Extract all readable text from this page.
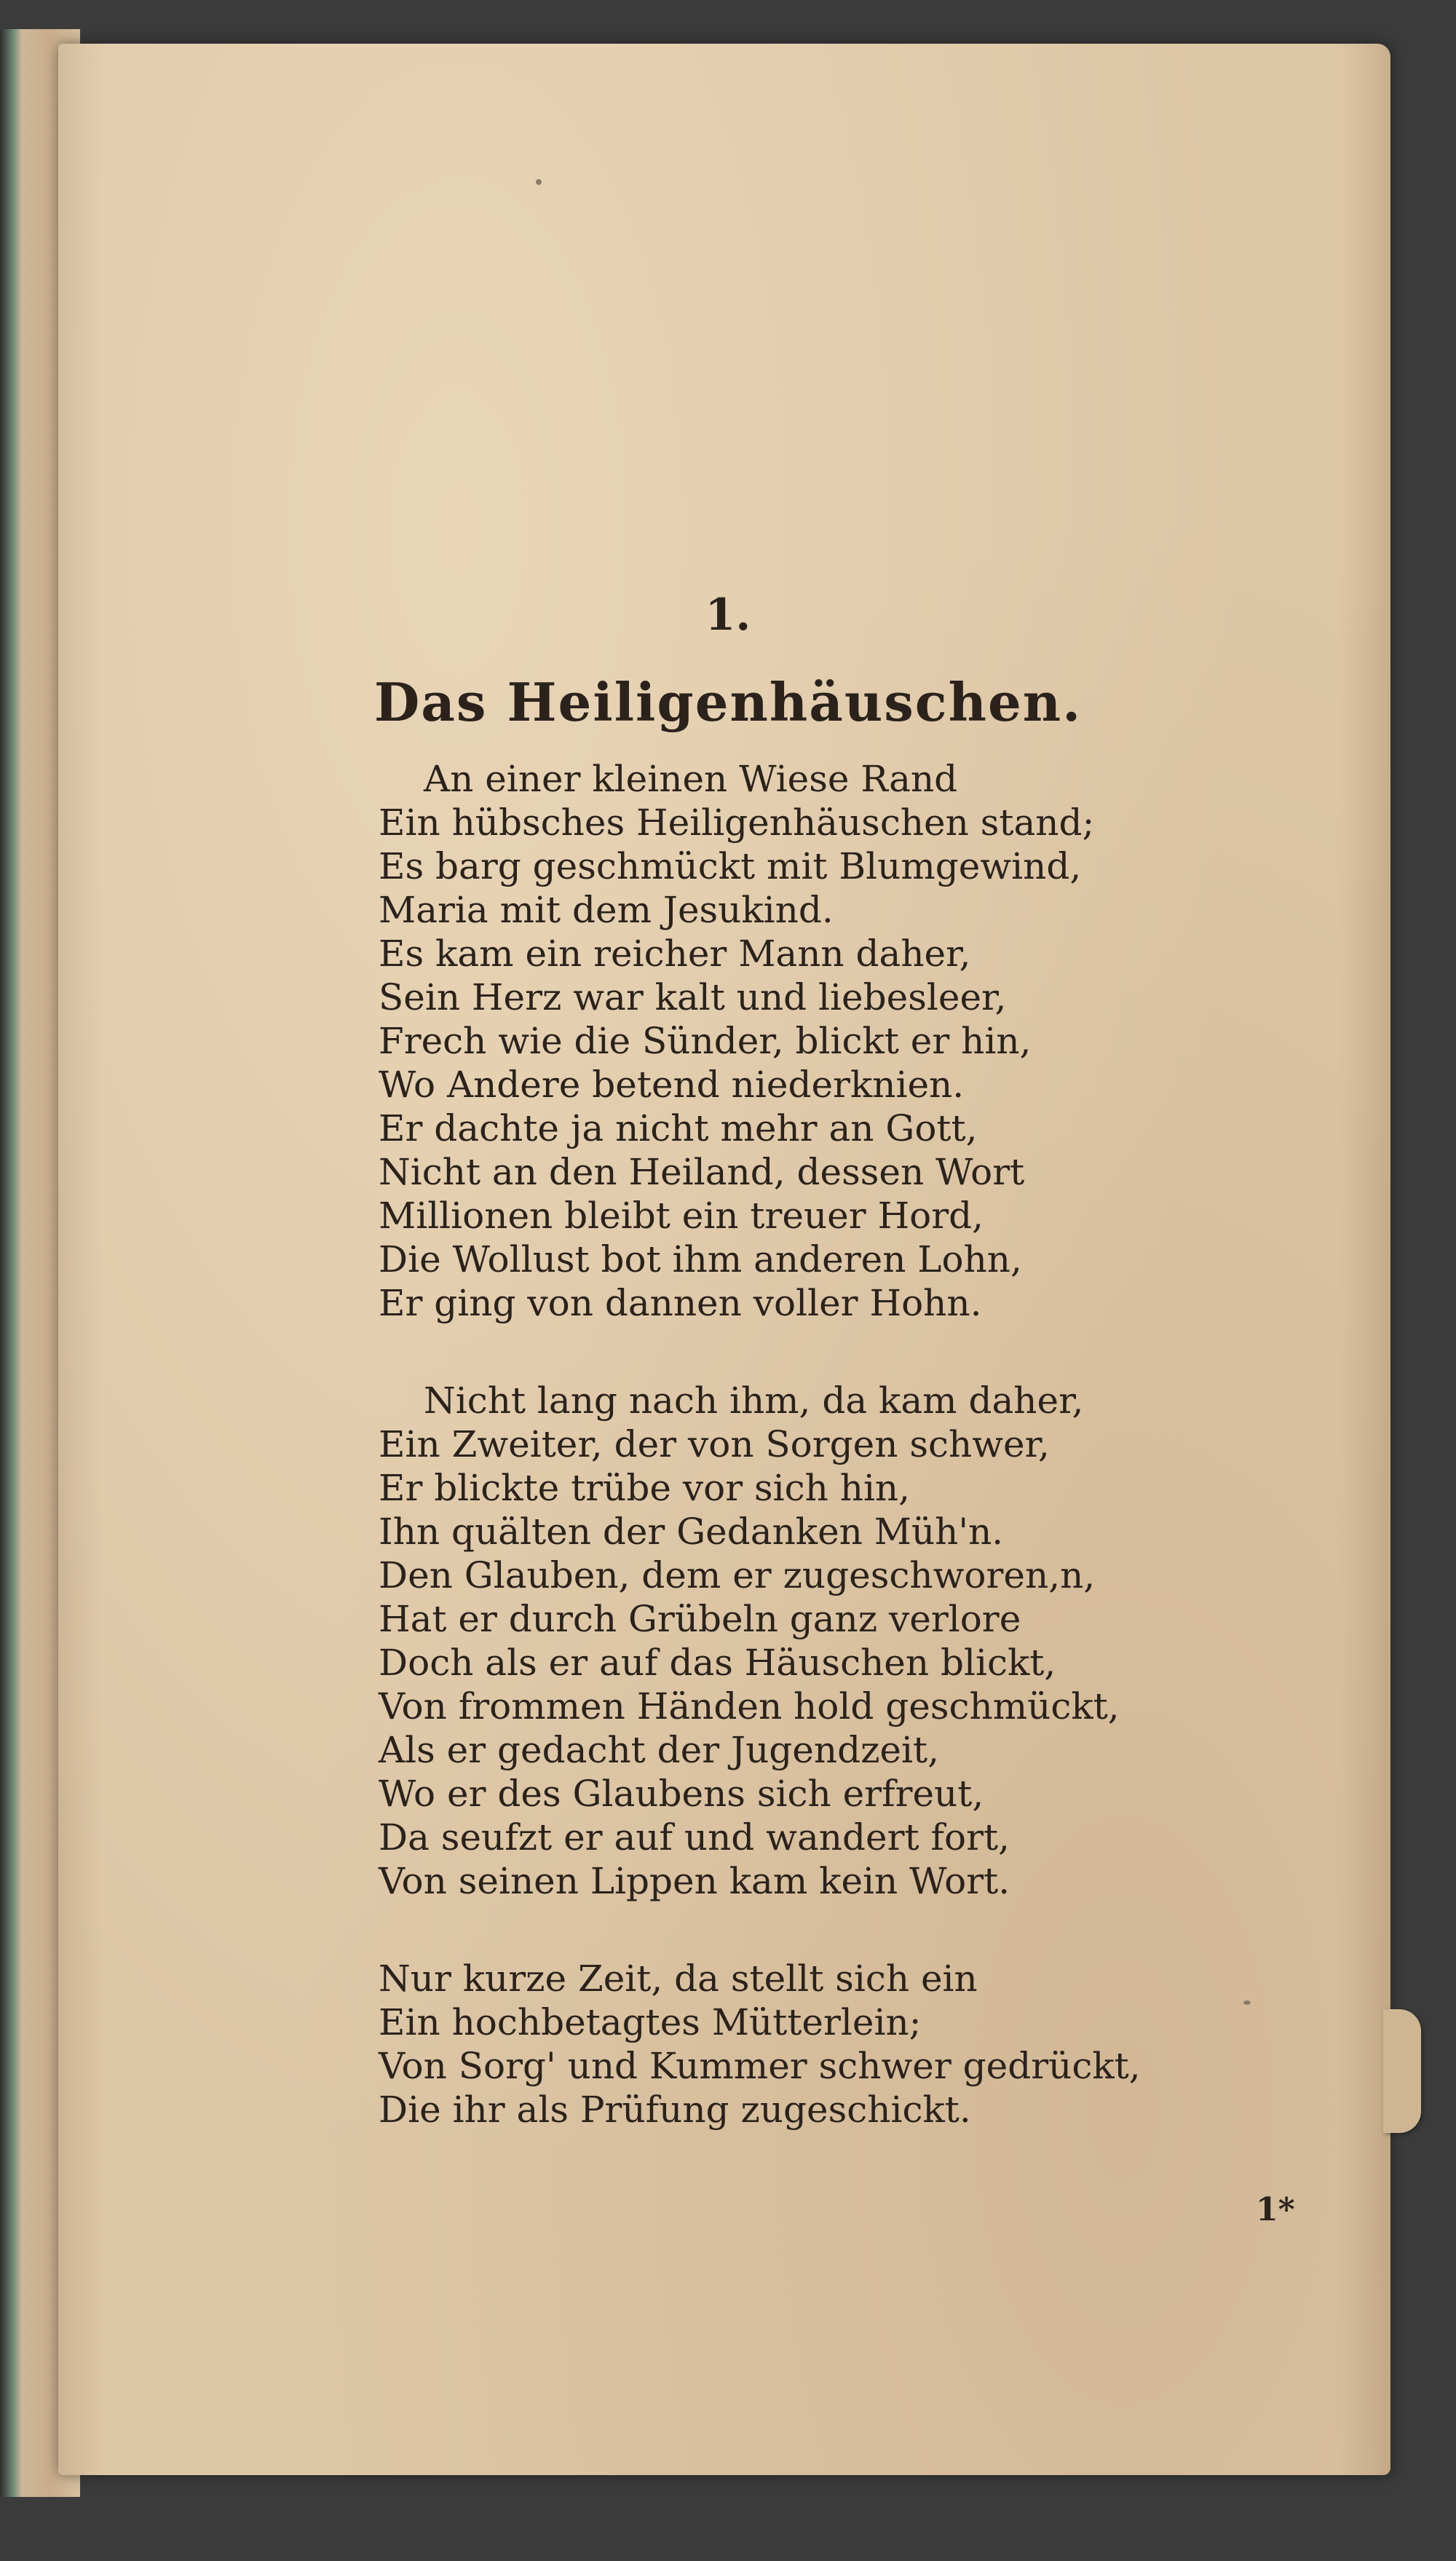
1.
Das Heiligenhäuschen.
An einer kleinen Wiese Rand
Ein hübsches Heiligenhäuschen stand;
Es barg geschmückt mit Blumgewind,
Maria mit dem Jesukind.
Es kam ein reicher Mann daher,
Sein Herz war kalt und liebesleer,
Frech wie die Sünder, blickt er hin,
Wo Andere betend niederknien.
Er dachte ja nicht mehr an Gott,
Nicht an den Heiland, dessen Wort
Millionen bleibt ein treuer Hord,
Die Wollust bot ihm anderen Lohn,
Er ging von dannen voller Hohn.
Nicht lang nach ihm, da kam daher,
Ein Zweiter, der von Sorgen schwer,
Er blickte trübe vor sich hin,
Ihn quälten der Gedanken Müh'n.
Den Glauben, dem er zugeschworen,n,
Hat er durch Grübeln ganz verlore
Doch als er auf das Häuschen blickt,
Von frommen Händen hold geschmückt,
Als er gedacht der Jugendzeit,
Wo er des Glaubens sich erfreut,
Da seufzt er auf und wandert fort,
Von seinen Lippen kam kein Wort.
Nur kurze Zeit, da stellt sich ein
Ein hochbetagtes Mütterlein;
Von Sorg' und Kummer schwer gedrückt,
Die ihr als Prüfung zugeschickt.
1*
